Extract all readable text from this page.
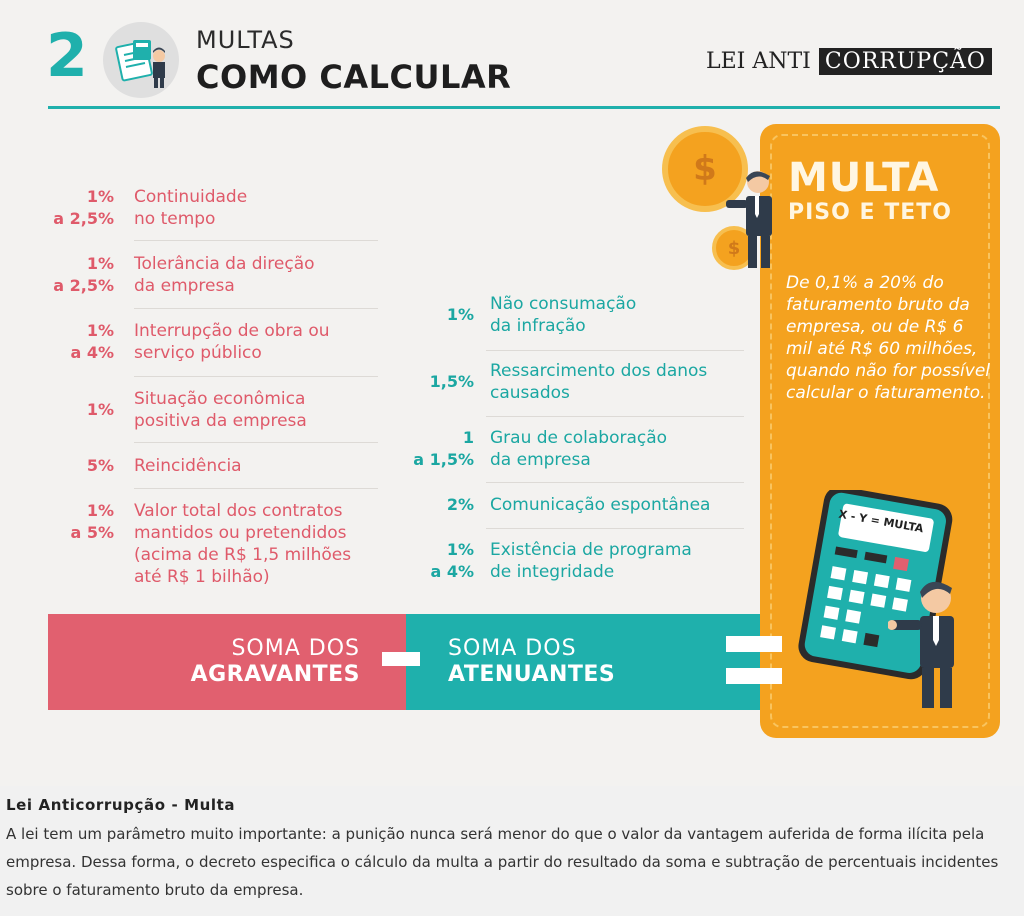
2	MULTAS
COMO CALCULAR	LEI ANTI CORRUPÇÃO
1%
a 2,5%
Continuidade
no tempo
1%
a 2,5%
Tolerância da direção
da empresa
1%
a 4%
Interrupção de obra ou
serviço público
1%
Situação econômica
positiva da empresa
5% Reincidência
1%
a 5%
Valor total dos contratos
mantidos ou pretendidos
(acima de R$ 1,5 milhões
até R$ 1 bilhão)
1%
Não consumação
da infração
1,5%
Ressarcimento dos danos
causados
1
a 1,5%
Grau de colaboração
da empresa
2% Comunicação espontânea
1%
a 4%
Existência de programa
de integridade
SOMA DOS
AGRAVANTES
SOMA DOS
ATENUANTES
MULTA
PISO E TETO
De 0,1% a 20% do faturamento bruto da empresa, ou de R$ 6 mil até R$ 60 milhões, quando não for possível calcular o faturamento.
$
$
X - Y = MULTA
Lei Anticorrupção - Multa
A lei tem um parâmetro muito importante: a punição nunca será menor do que o valor da vantagem auferida de forma ilícita pela empresa. Dessa forma, o decreto especifica o cálculo da multa a partir do resultado da soma e subtração de percentuais incidentes sobre o faturamento bruto da empresa.
